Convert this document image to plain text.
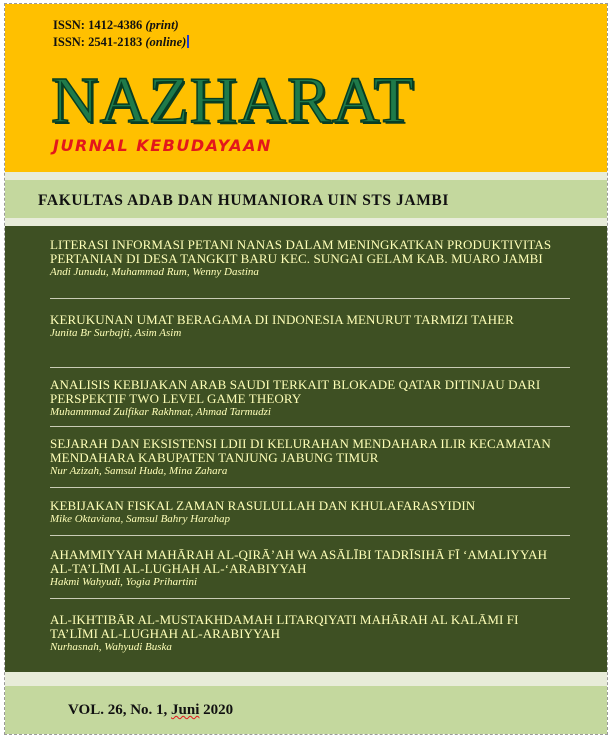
ISSN: 1412-4386 (print)
ISSN: 2541-2183 (online)
NAZHARAT
JURNAL KEBUDAYAAN
FAKULTAS ADAB DAN HUMANIORA UIN STS JAMBI
LITERASI INFORMASI PETANI NANAS DALAM MENINGKATKAN PRODUKTIVITAS PERTANIAN DI DESA TANGKIT BARU KEC. SUNGAI GELAM KAB. MUARO JAMBI
Andi Junudu, Muhammad Rum, Wenny Dastina
KERUKUNAN UMAT BERAGAMA DI INDONESIA MENURUT TARMIZI TAHER
Junita Br Surbajti, Asim Asim
ANALISIS KEBIJAKAN ARAB SAUDI TERKAIT BLOKADE QATAR DITINJAU DARI PERSPEKTIF TWO LEVEL GAME THEORY
Muhammmad Zulfikar Rakhmat, Ahmad Tarmudzi
SEJARAH DAN EKSISTENSI LDII DI KELURAHAN MENDAHARA ILIR KECAMATAN MENDAHARA KABUPATEN TANJUNG JABUNG TIMUR
Nur Azizah, Samsul Huda, Mina Zahara
KEBIJAKAN FISKAL ZAMAN RASULULLAH DAN KHULAFARASYIDIN
Mike Oktaviana, Samsul Bahry Harahap
AHAMMIYYAH MAHĀRAH AL-QIRĀ’AH WA ASĀLĪBI TADRĪSIHĀ FĪ ‘AMALIYYAH AL-TA’LĪMI AL-LUGHAH AL-‘ARABIYYAH
Hakmi Wahyudi, Yogia Prihartini
AL-IKHTIBĀR AL-MUSTAKHDAMAH LITARQIYATI MAHĀRAH AL KALĀMI FI TA’LĪMI AL-LUGHAH AL-ARABIYYAH
Nurhasnah, Wahyudi Buska
VOL. 26, No. 1, Juni 2020
